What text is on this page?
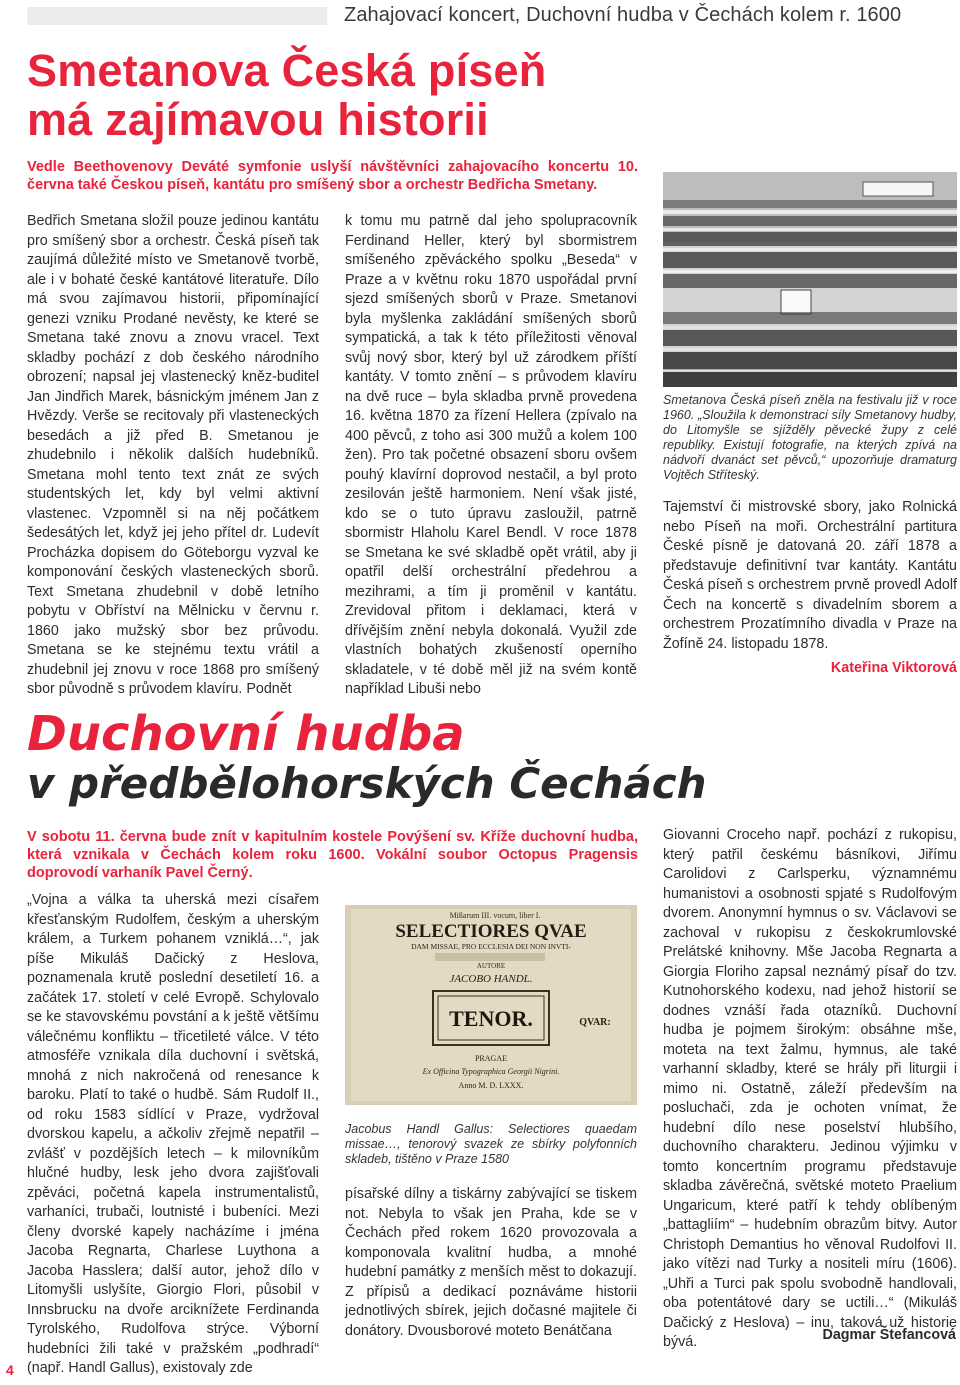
Zahajovací koncert, Duchovní hudba v Čechách kolem r. 1600
Smetanova Česká píseň
má zajímavou historii

Vedle Beethovenovy Deváté symfonie uslyší návštěvníci zahajovacího koncertu 10. června také Českou píseň, kantátu pro smíšený sbor a orchestr Bedřicha Smetany.

Bedřich Smetana složil pouze jedinou kantátu pro smíšený sbor a orchestr. Česká píseň tak zaujímá důležité místo ve Smetanově tvorbě, ale i v bohaté české kantátové literatuře. Dílo má svou zajímavou historii, připomínající genezi vzniku Prodané nevěsty, ke které se Smetana také znovu a znovu vracel. Text skladby pochází z dob českého národního obrození; napsal jej vlastenecký kněz-buditel Jan Jindřich Marek, básnickým jménem Jan z Hvězdy. Verše se recitovaly při vlasteneckých besedách a již před B. Smetanou je zhudebnilo i několik dalších hudebníků. Smetana mohl tento text znát ze svých studentských let, kdy byl velmi aktivní vlastenec. Vzpomněl si na něj počátkem šedesátých let, když jej jeho přítel dr. Ludevít Procházka dopisem do Göteborgu vyzval ke komponování českých vlasteneckých sborů. Text Smetana zhudebnil v době letního pobytu v Obříství na Mělnicku v červnu r. 1860 jako mužský sbor bez průvodu. Smetana se ke stejnému textu vrátil a zhudebnil jej znovu v roce 1868 pro smíšený sbor původně s průvodem klavíru. Podnět

k tomu mu patrně dal jeho spolupracovník Ferdinand Heller, který byl sbormistrem smíšeného zpěváckého spolku „Beseda“ v Praze a v květnu roku 1870 uspořádal první sjezd smíšených sborů v Praze. Smetanovi byla myšlenka zakládání smíšených sborů sympatická, a tak k této příležitosti věnoval svůj nový sbor, který byl už zárodkem příští kantáty. V tomto znění – s průvodem klavíru na dvě ruce – byla skladba prvně provedena 16. května 1870 za řízení Hellera (zpívalo na 400 pěvců, z toho asi 300 mužů a kolem 100 žen). Pro tak početné obsazení sboru ovšem pouhý klavírní doprovod nestačil, a byl proto zesilován ještě harmoniem. Není však jisté, kdo se o tuto úpravu zasloužil, patrně sbormistr Hlaholu Karel Bendl. V roce 1878 se Smetana ke své skladbě opět vrátil, aby ji opatřil delší orchestrální předehrou a mezihrami, a tím ji proměnil v kantátu. Zrevidoval přitom i deklamaci, která v dřívějším znění nebyla dokonalá. Využil zde vlastních bohatých zkušeností operního skladatele, v té době měl již na svém kontě například Libuši nebo

Smetanova Česká píseň zněla na festivalu již v roce 1960. „Sloužila k demonstraci síly Smetanovy hudby, do Litomyšle se sjížděly pěvecké župy z celé republiky. Existují fotografie, na kterých zpívá na nádvoří dvanáct set pěvců,“ upozorňuje dramaturg Vojtěch Stříteský.

Tajemství či mistrovské sbory, jako Rolnická nebo Píseň na moři. Orchestrální partitura České písně je datovaná 20. září 1878 a představuje definitivní tvar kantáty. Kantátu Česká píseň s orchestrem prvně provedl Adolf Čech na koncertě s divadelním sborem a orchestrem Prozatímního divadla v Praze na Žofíně 24. listopadu 1878.

Kateřina Viktorová
Duchovní hudba
v předbělohorských Čechách

V sobotu 11. června bude znít v kapitulním kostele Povýšení sv. Kříže duchovní hudba, která vznikala v Čechách kolem roku 1600. Vokální soubor Octopus Pragensis doprovodí varhaník Pavel Černý.

„Vojna a válka ta uherská mezi císařem křesťanským Rudolfem, českým a uherským králem, a Turkem pohanem vzniklá…“, jak píše Mikuláš Dačický z Heslova, poznamenala krutě poslední desetiletí 16. a začátek 17. století v celé Evropě. Schylovalo se ke stavovskému povstání a k ještě většímu válečnému konfliktu – třicetileté válce. V této atmosféře vznikala díla duchovní i světská, mnohá z nich nakročená od renesance k baroku. Platí to také o hudbě. Sám Rudolf II., od roku 1583 sídlící v Praze, vydržoval dvorskou kapelu, a ačkoliv zřejmě nepatřil – zvlášť v pozdějších letech – k milovníkům hlučné hudby, lesk jeho dvora zajišťovali zpěváci, početná kapela instrumentalistů, varhaníci, trubači, loutnisté i bubeníci. Mezi členy dvorské kapely nacházíme i jména Jacoba Regnarta, Charlese Luythona a Jacoba Hasslera; další autor, jehož dílo v Litomyšli uslyšíte, Giorgio Flori, působil v Innsbrucku na dvoře arciknížete Ferdinanda Tyrolského, Rudolfova strýce. Výborní hudebníci žili také v pražském „podhradí“ (např. Handl Gallus), existovaly zde

Mißarum III. vocum, liber I.
SELECTIORES QVAE
DAM MISSAE, PRO ECCLESIA DEI NON INVTI-
AUTORE
JACOBO HANDL.
TENOR.	QVAR:
PRAGAE
Ex Officina Typographica Georgii Nigrini.
Anno M. D. LXXX.

Jacobus Handl Gallus: Selectiores quaedam missae…, tenorový svazek ze sbírky polyfonních skladeb, tištěno v Praze 1580

písařské dílny a tiskárny zabývající se tiskem not. Nebyla to však jen Praha, kde se v Čechách před rokem 1620 provozovala a komponovala kvalitní hudba, a mnohé hudební památky z menších měst to dokazují. Z přípisů a dedikací poznáváme historii jednotlivých sbírek, jejich dočasné majitele či donátory. Dvousborové moteto Benátčana

Giovanni Croceho např. pochází z rukopisu, který patřil českému básníkovi, Jiřímu Carolidovi z Carlsperku, významnému humanistovi a osobnosti spjaté s Rudolfovým dvorem. Anonymní hymnus o sv. Václavovi se zachoval v rukopisu z českokrumlovské Prelátské knihovny. Mše Jacoba Regnarta a Giorgia Floriho zapsal neznámý písař do tzv. Kutnohorského kodexu, nad jehož historií se dodnes vznáší řada otazníků. Duchovní hudba je pojmem širokým: obsáhne mše, moteta na text žalmu, hymnus, ale také varhanní skladby, které se hrály při liturgii i mimo ni. Ostatně, záleží především na posluchači, zda je ochoten vnímat, že hudební dílo nese poselství hlubšího, duchovního charakteru. Jedinou výjimku v tomto koncertním programu představuje skladba závěrečná, světské moteto Praelium Ungaricum, které patří k tehdy oblíbeným „battagliím“ – hudebním obrazům bitvy. Autor Christoph Demantius ho věnoval Rudolfovi II. jako vítězi nad Turky a nositeli míru (1606). „Uhři a Turci pak spolu svobodně handlovali, oba potentátové dary se uctili…“ (Mikuláš Dačický z Heslova) – inu, taková už historie bývá.	Dagmar Štefancová
4
